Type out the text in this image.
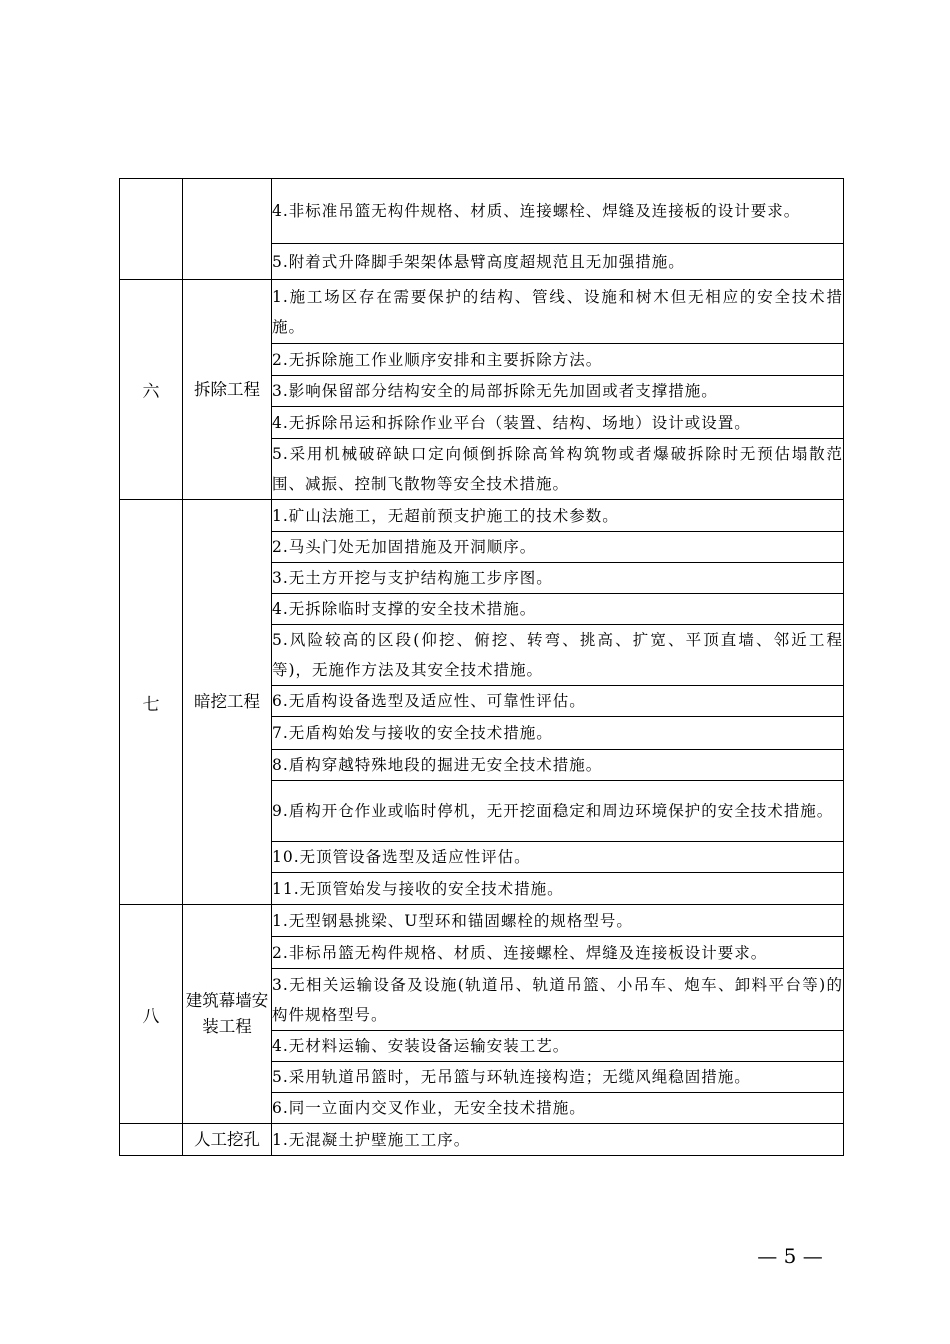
		4.非标准吊篮无构件规格、材质、连接螺栓、焊缝及连接板的设计要求。
		5.附着式升降脚手架架体悬臂高度超规范且无加强措施。
六	拆除工程	1.施工场区存在需要保护的结构、管线、设施和树木但无相应的安全技术措施。
		2.无拆除施工作业顺序安排和主要拆除方法。
		3.影响保留部分结构安全的局部拆除无先加固或者支撑措施。
		4.无拆除吊运和拆除作业平台（装置、结构、场地）设计或设置。
		5.采用机械破碎缺口定向倾倒拆除高耸构筑物或者爆破拆除时无预估塌散范围、减振、控制飞散物等安全技术措施。
七	暗挖工程	1.矿山法施工，无超前预支护施工的技术参数。
		2.马头门处无加固措施及开洞顺序。
		3.无土方开挖与支护结构施工步序图。
		4.无拆除临时支撑的安全技术措施。
		5.风险较高的区段(仰挖、俯挖、转弯、挑高、扩宽、平顶直墙、邻近工程等)，无施作方法及其安全技术措施。
		6.无盾构设备选型及适应性、可靠性评估。
		7.无盾构始发与接收的安全技术措施。
		8.盾构穿越特殊地段的掘进无安全技术措施。
		9.盾构开仓作业或临时停机，无开挖面稳定和周边环境保护的安全技术措施。
		10.无顶管设备选型及适应性评估。
		11.无顶管始发与接收的安全技术措施。
八	建筑幕墙安装工程	1.无型钢悬挑梁、U型环和锚固螺栓的规格型号。
		2.非标吊篮无构件规格、材质、连接螺栓、焊缝及连接板设计要求。
		3.无相关运输设备及设施(轨道吊、轨道吊篮、小吊车、炮车、卸料平台等)的构件规格型号。
		4.无材料运输、安装设备运输安装工艺。
		5.采用轨道吊篮时，无吊篮与环轨连接构造；无缆风绳稳固措施。
		6.同一立面内交叉作业，无安全技术措施。
	人工挖孔	1.无混凝土护壁施工工序。
— 5 —
